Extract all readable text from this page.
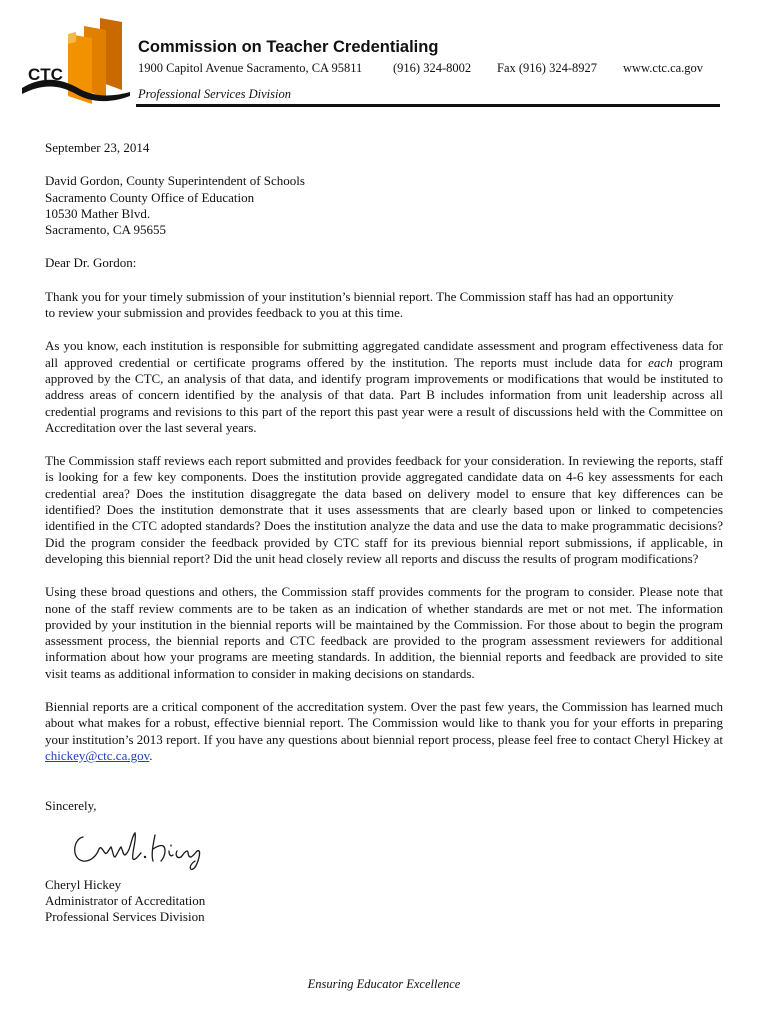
CTC
Commission on Teacher Credentialing
1900 Capitol Avenue Sacramento, CA 95811 (916) 324-8002 Fax (916) 324-8927 www.ctc.ca.gov
Professional Services Division

September 23, 2014

David Gordon, County Superintendent of Schools

Sacramento County Office of Education

10530 Mather Blvd.

Sacramento, CA 95655

Dear Dr. Gordon:

Thank you for your timely submission of your institution’s biennial report. The Commission staff has had an opportunity

to review your submission and provides feedback to you at this time.

As you know, each institution is responsible for submitting aggregated candidate assessment and program effectiveness data for all approved credential or certificate programs offered by the institution. The reports must include data for each program approved by the CTC, an analysis of that data, and identify program improvements or modifications that would be instituted to address areas of concern identified by the analysis of that data. Part B includes information from unit leadership across all credential programs and revisions to this part of the report this past year were a result of discussions held with the Committee on Accreditation over the last several years.

The Commission staff reviews each report submitted and provides feedback for your consideration. In reviewing the reports, staff is looking for a few key components. Does the institution provide aggregated candidate data on 4-6 key assessments for each credential area? Does the institution disaggregate the data based on delivery model to ensure that key differences can be identified? Does the institution demonstrate that it uses assessments that are clearly based upon or linked to competencies identified in the CTC adopted standards? Does the institution analyze the data and use the data to make programmatic decisions? Did the program consider the feedback provided by CTC staff for its previous biennial report submissions, if applicable, in developing this biennial report? Did the unit head closely review all reports and discuss the results of program modifications?

Using these broad questions and others, the Commission staff provides comments for the program to consider. Please note that none of the staff review comments are to be taken as an indication of whether standards are met or not met. The information provided by your institution in the biennial reports will be maintained by the Commission. For those about to begin the program assessment process, the biennial reports and CTC feedback are provided to the program assessment reviewers for additional information about how your programs are meeting standards. In addition, the biennial reports and feedback are provided to site visit teams as additional information to consider in making decisions on standards.

Biennial reports are a critical component of the accreditation system. Over the past few years, the Commission has learned much about what makes for a robust, effective biennial report. The Commission would like to thank you for your efforts in preparing your institution’s 2013 report. If you have any questions about biennial report process, please feel free to contact Cheryl Hickey at chickey@ctc.ca.gov.

Sincerely,

Cheryl Hickey

Administrator of Accreditation

Professional Services Division

Ensuring Educator Excellence
